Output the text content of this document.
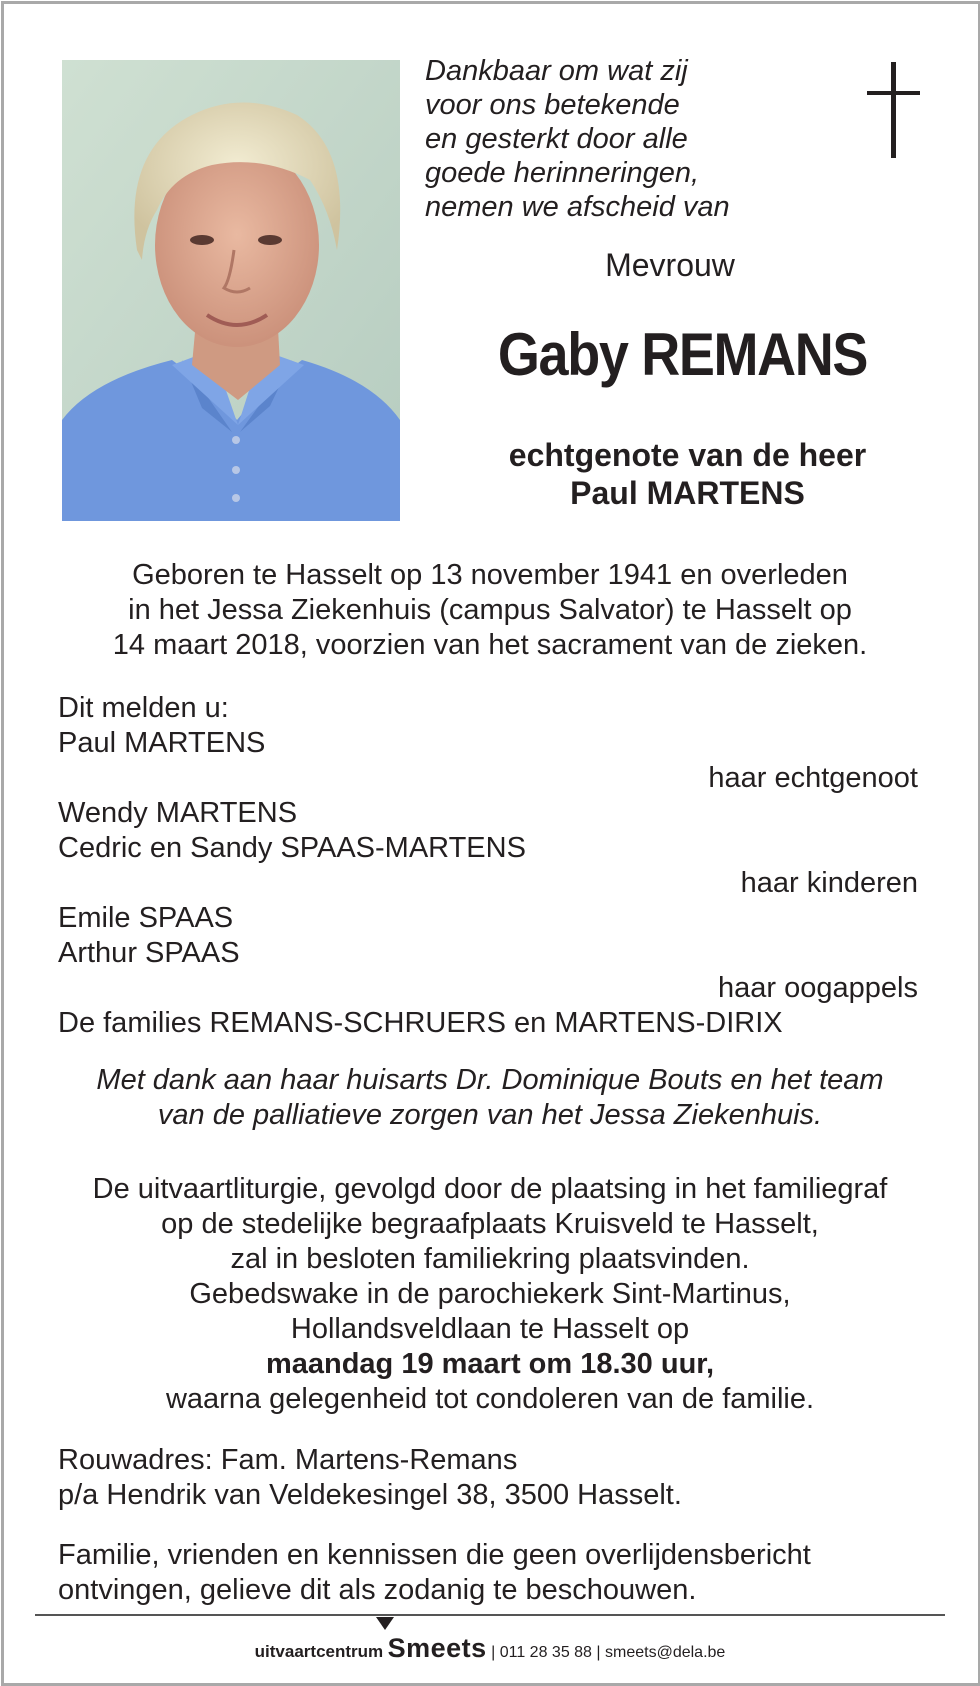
Dankbaar om wat zij
voor ons betekende
en gesterkt door alle
goede herinneringen,
nemen we afscheid van
Mevrouw
Gaby REMANS
echtgenote van de heer
Paul MARTENS
Geboren te Hasselt op 13 november 1941 en overleden
in het Jessa Ziekenhuis (campus Salvator) te Hasselt op
14 maart 2018, voorzien van het sacrament van de zieken.
Dit melden u:
Paul MARTENS
haar echtgenoot
Wendy MARTENS
Cedric en Sandy SPAAS-MARTENS
haar kinderen
Emile SPAAS
Arthur SPAAS
haar oogappels
De families REMANS-SCHRUERS en MARTENS-DIRIX
Met dank aan haar huisarts Dr. Dominique Bouts en het team
van de palliatieve zorgen van het Jessa Ziekenhuis.
De uitvaartliturgie, gevolgd door de plaatsing in het familiegraf
op de stedelijke begraafplaats Kruisveld te Hasselt,
zal in besloten familiekring plaatsvinden.
Gebedswake in de parochiekerk Sint-Martinus,
Hollandsveldlaan te Hasselt op
maandag 19 maart om 18.30 uur,
waarna gelegenheid tot condoleren van de familie.
Rouwadres: Fam. Martens-Remans
p/a Hendrik van Veldekesingel 38, 3500 Hasselt.
Familie, vrienden en kennissen die geen overlijdensbericht
ontvingen, gelieve dit als zodanig te beschouwen.
uitvaartcentrum Smeets | 011 28 35 88 | smeets@dela.be
